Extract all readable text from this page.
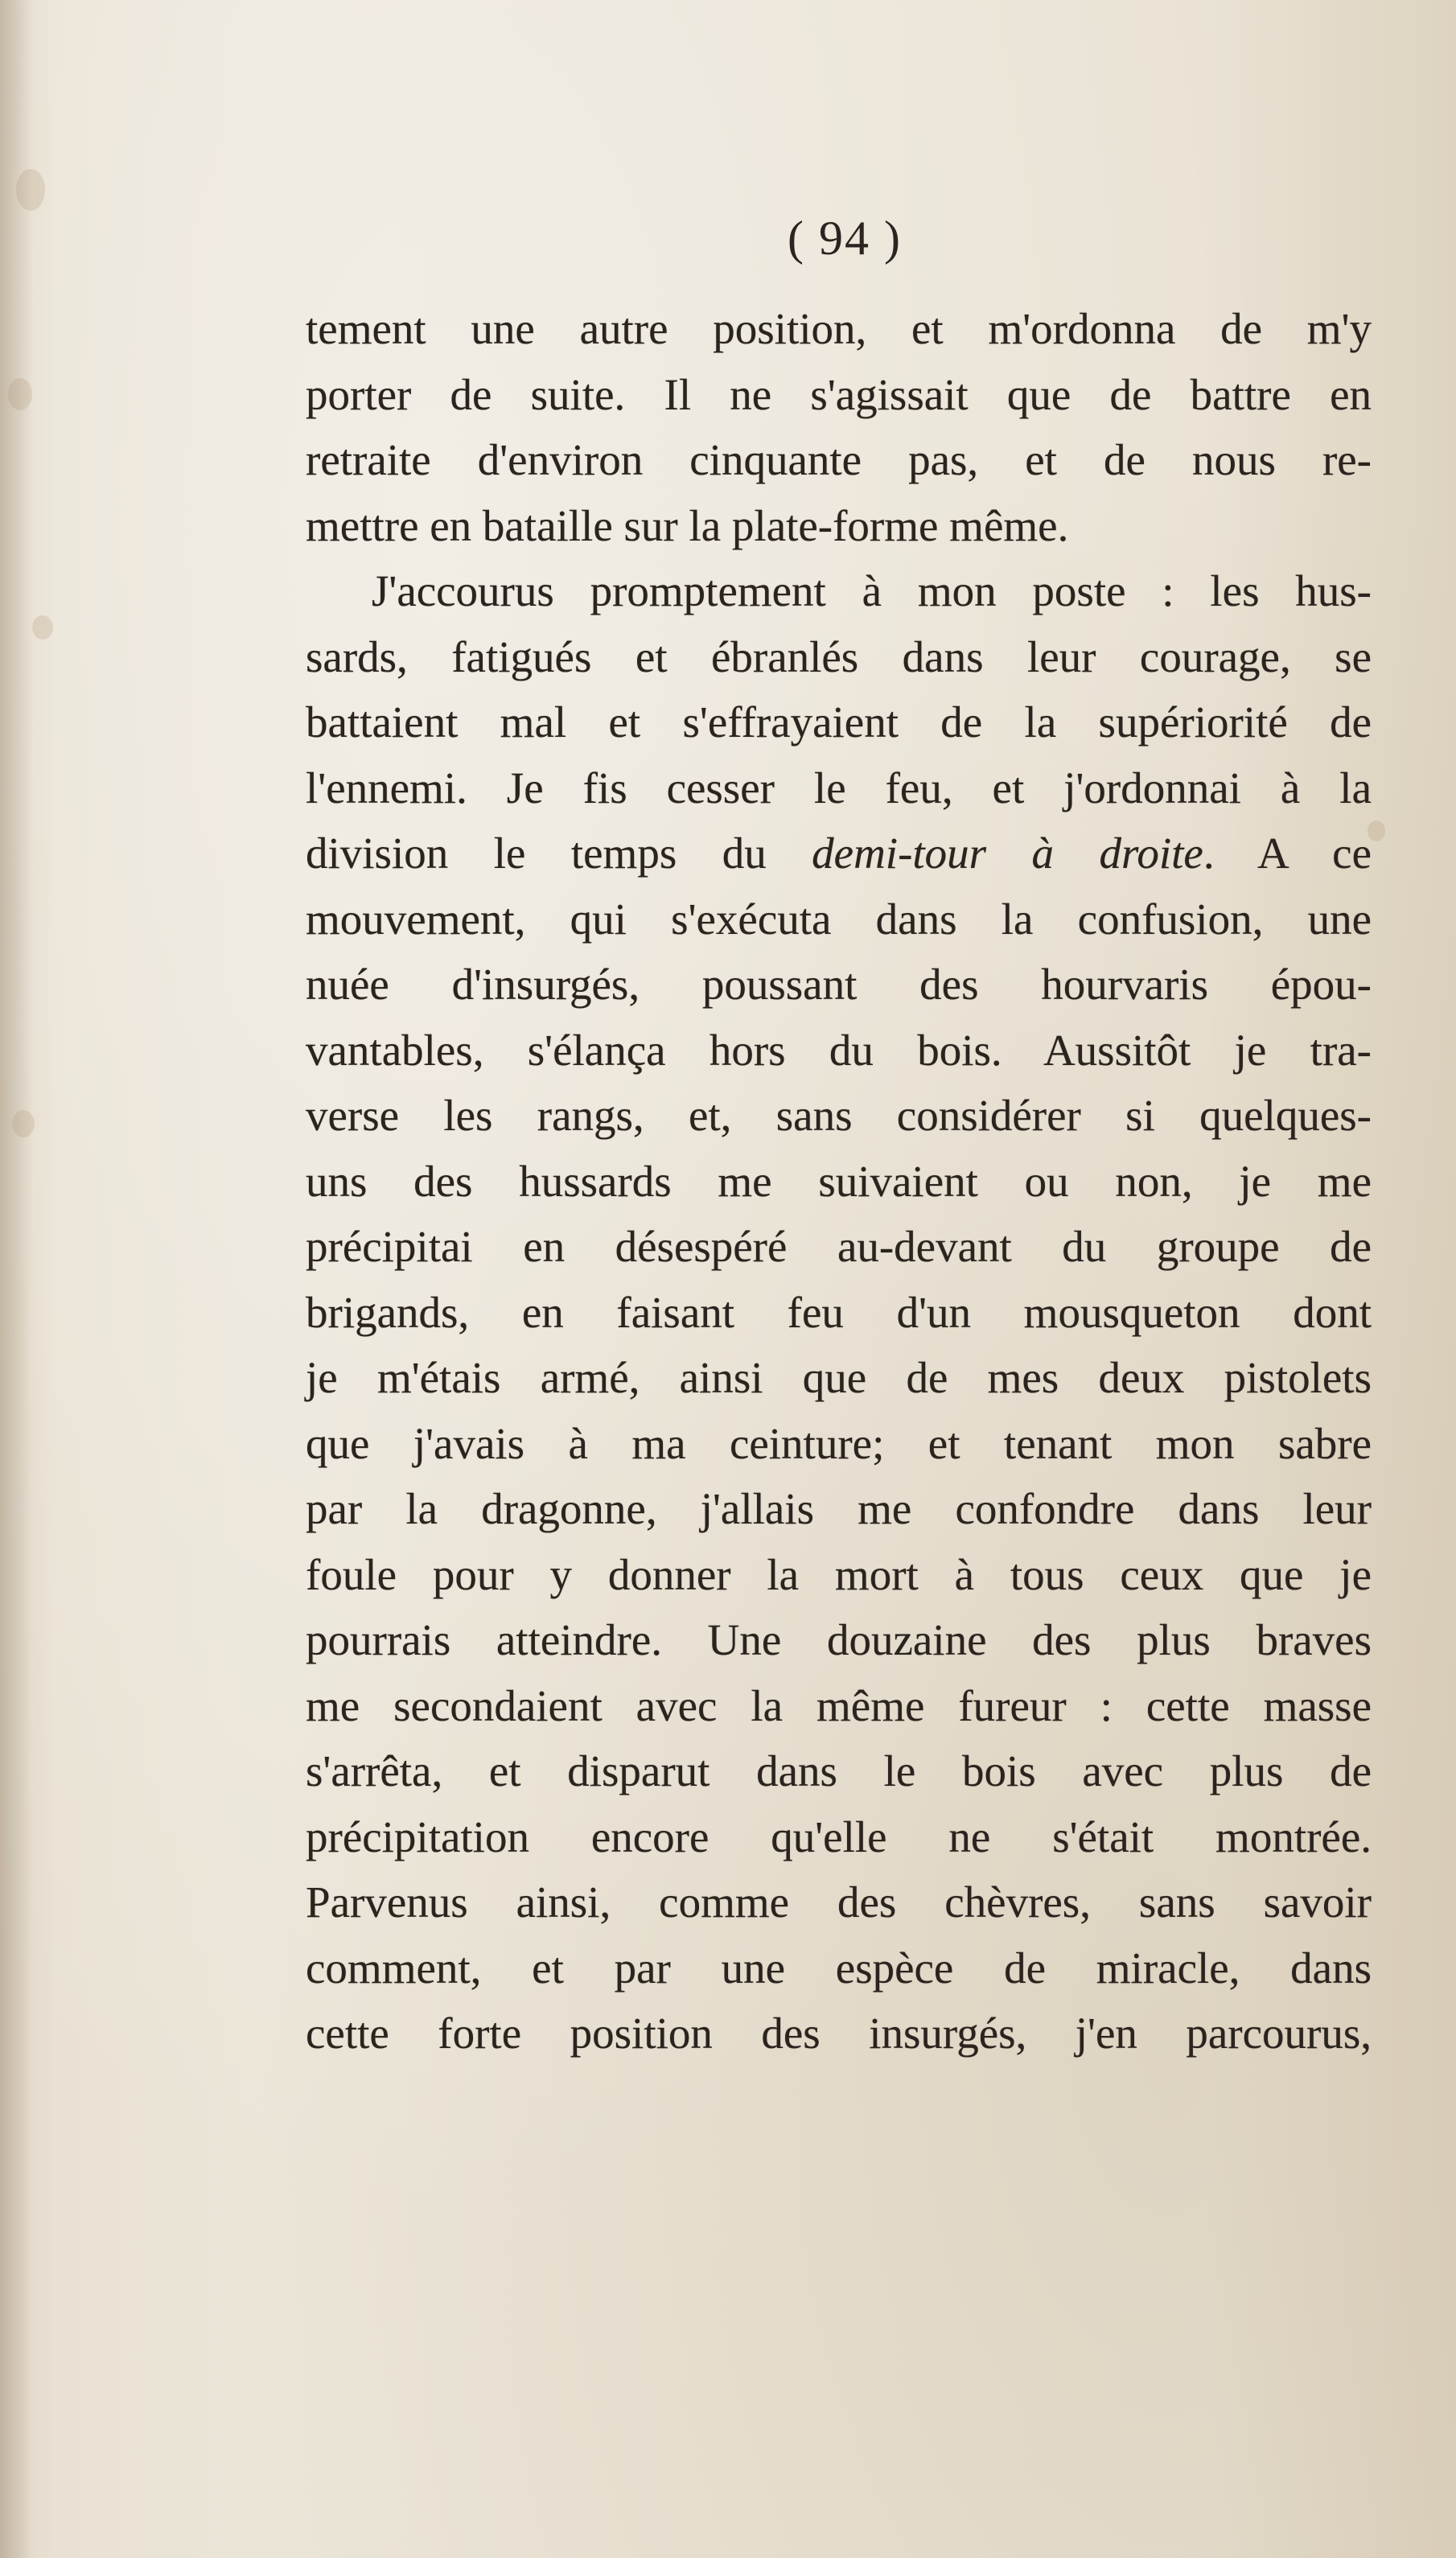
( 94 )
tement une autre position, et m'ordonna de m'y
porter de suite. Il ne s'agissait que de battre en
retraite d'environ cinquante pas, et de nous re-
mettre en bataille sur la plate-forme même.
J'accourus promptement à mon poste : les hus-
sards, fatigués et ébranlés dans leur courage, se
battaient mal et s'effrayaient de la supériorité de
l'ennemi. Je fis cesser le feu, et j'ordonnai à la
division le temps du demi-tour à droite. A ce
mouvement, qui s'exécuta dans la confusion, une
nuée d'insurgés, poussant des hourvaris épou-
vantables, s'élança hors du bois. Aussitôt je tra-
verse les rangs, et, sans considérer si quelques-
uns des hussards me suivaient ou non, je me
précipitai en désespéré au-devant du groupe de
brigands, en faisant feu d'un mousqueton dont
je m'étais armé, ainsi que de mes deux pistolets
que j'avais à ma ceinture; et tenant mon sabre
par la dragonne, j'allais me confondre dans leur
foule pour y donner la mort à tous ceux que je
pourrais atteindre. Une douzaine des plus braves
me secondaient avec la même fureur : cette masse
s'arrêta, et disparut dans le bois avec plus de
précipitation encore qu'elle ne s'était montrée.
Parvenus ainsi, comme des chèvres, sans savoir
comment, et par une espèce de miracle, dans
cette forte position des insurgés, j'en parcourus,
